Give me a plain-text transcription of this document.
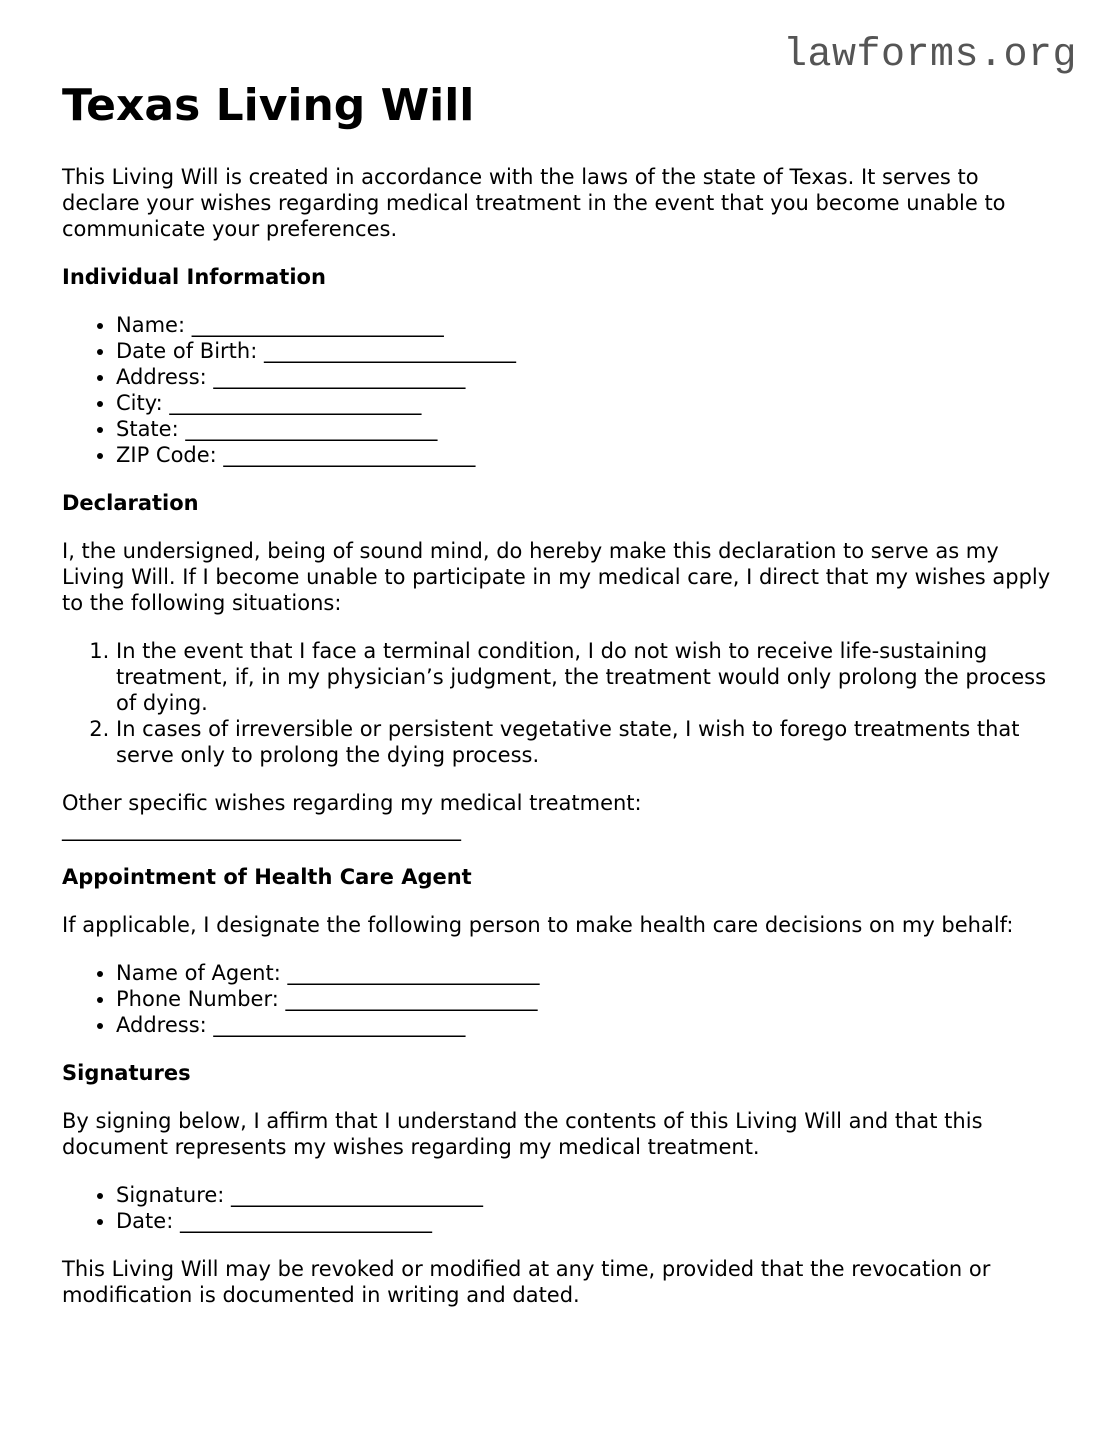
lawforms.org
Texas Living Will

This Living Will is created in accordance with the laws of the state of Texas. It serves to declare your wishes regarding medical treatment in the event that you become unable to communicate your preferences.

Individual Information
• Name: ________________________
• Date of Birth: ________________________
• Address: ________________________
• City: ________________________
• State: ________________________
• ZIP Code: ________________________
Declaration

I, the undersigned, being of sound mind, do hereby make this declaration to serve as my Living Will. If I become unable to participate in my medical care, I direct that my wishes apply to the following situations:

1. In the event that I face a terminal condition, I do not wish to receive life-sustaining treatment, if, in my physician’s judgment, the treatment would only prolong the process of dying.
2. In cases of irreversible or persistent vegetative state, I wish to forego treatments that serve only to prolong the dying process.

Other specific wishes regarding my medical treatment:

______________________________________

Appointment of Health Care Agent

If applicable, I designate the following person to make health care decisions on my behalf:

• Name of Agent: ________________________
• Phone Number: ________________________
• Address: ________________________
Signatures

By signing below, I affirm that I understand the contents of this Living Will and that this document represents my wishes regarding my medical treatment.

• Signature: ________________________
• Date: ________________________

This Living Will may be revoked or modified at any time, provided that the revocation or modification is documented in writing and dated.
